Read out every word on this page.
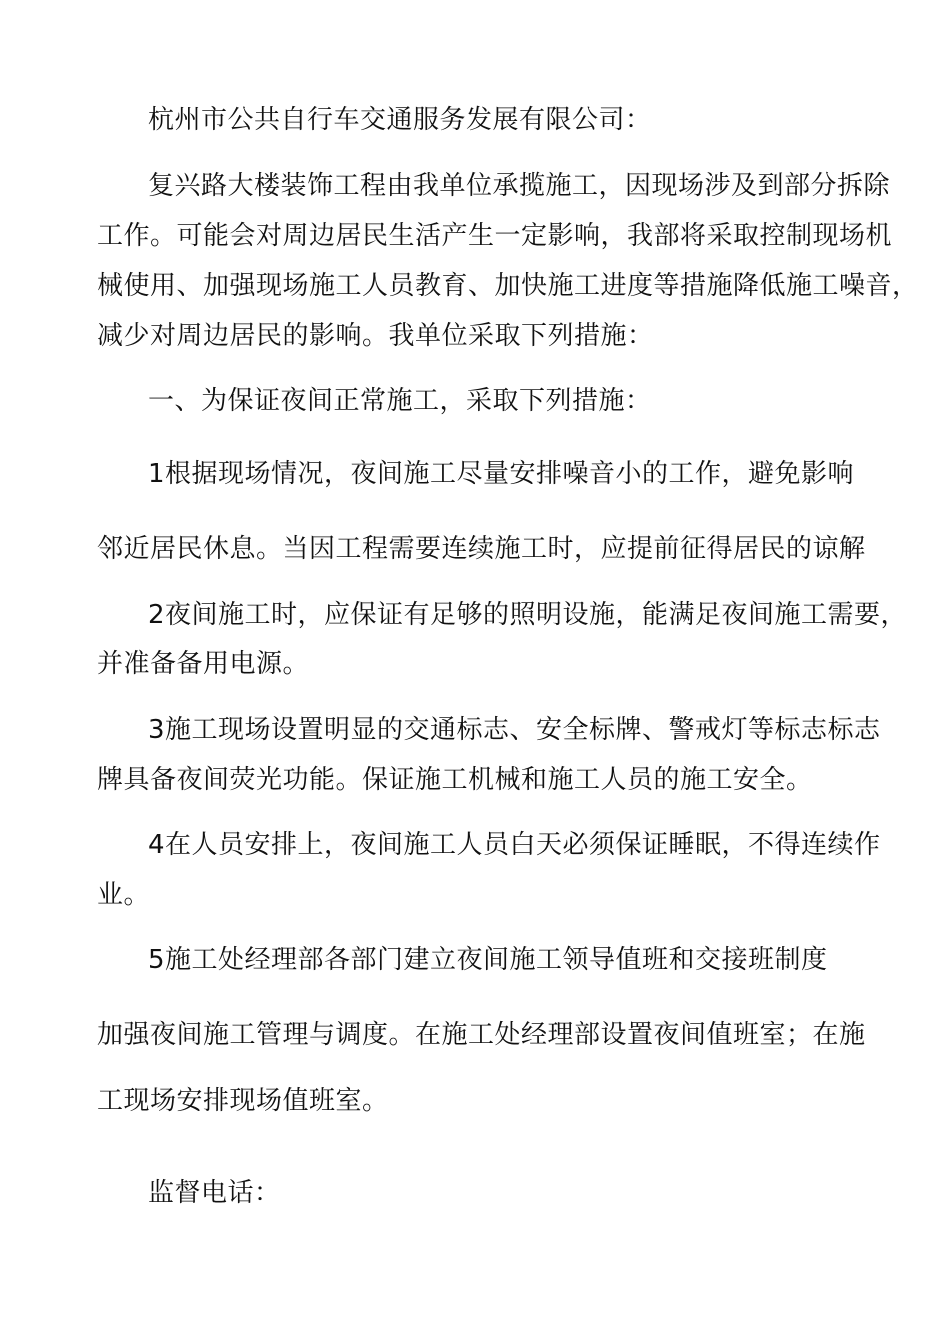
杭州市公共自行车交通服务发展有限公司：
复兴路大楼装饰工程由我单位承揽施工，因现场涉及到部分拆除
工作。可能会对周边居民生活产生一定影响，我部将采取控制现场机
械使用、加强现场施工人员教育、加快施工进度等措施降低施工噪音，
减少对周边居民的影响。我单位采取下列措施：
一、为保证夜间正常施工，采取下列措施：
1根据现场情况，夜间施工尽量安排噪音小的工作，避免影响
邻近居民休息。当因工程需要连续施工时，应提前征得居民的谅解
2夜间施工时，应保证有足够的照明设施，能满足夜间施工需要，
并准备备用电源。
3施工现场设置明显的交通标志、安全标牌、警戒灯等标志标志
牌具备夜间荧光功能。保证施工机械和施工人员的施工安全。
4在人员安排上，夜间施工人员白天必须保证睡眠，不得连续作
业。
5施工处经理部各部门建立夜间施工领导值班和交接班制度
加强夜间施工管理与调度。在施工处经理部设置夜间值班室；在施
工现场安排现场值班室。
监督电话：
